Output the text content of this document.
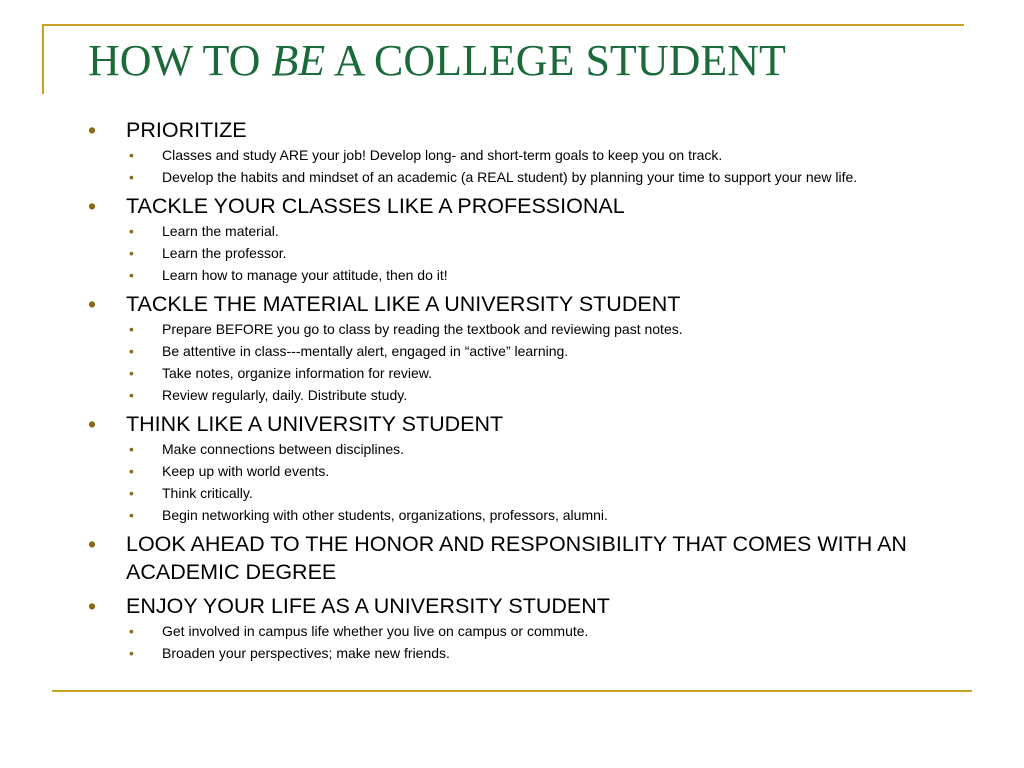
HOW TO BE A COLLEGE STUDENT
• PRIORITIZE
• Classes and study ARE your job! Develop long- and short-term goals to keep you on track.
• Develop the habits and mindset of an academic (a REAL student) by planning your time to support your new life.
• TACKLE YOUR CLASSES LIKE A PROFESSIONAL
• Learn the material.
• Learn the professor.
• Learn how to manage your attitude, then do it!
• TACKLE THE MATERIAL LIKE A UNIVERSITY STUDENT
• Prepare BEFORE you go to class by reading the textbook and reviewing past notes.
• Be attentive in class---mentally alert, engaged in “active” learning.
• Take notes, organize information for review.
• Review regularly, daily. Distribute study.
• THINK LIKE A UNIVERSITY STUDENT
• Make connections between disciplines.
• Keep up with world events.
• Think critically.
• Begin networking with other students, organizations, professors, alumni.
• LOOK AHEAD TO THE HONOR AND RESPONSIBILITY THAT COMES WITH AN ACADEMIC DEGREE
• ENJOY YOUR LIFE AS A UNIVERSITY STUDENT
• Get involved in campus life whether you live on campus or commute.
• Broaden your perspectives; make new friends.
